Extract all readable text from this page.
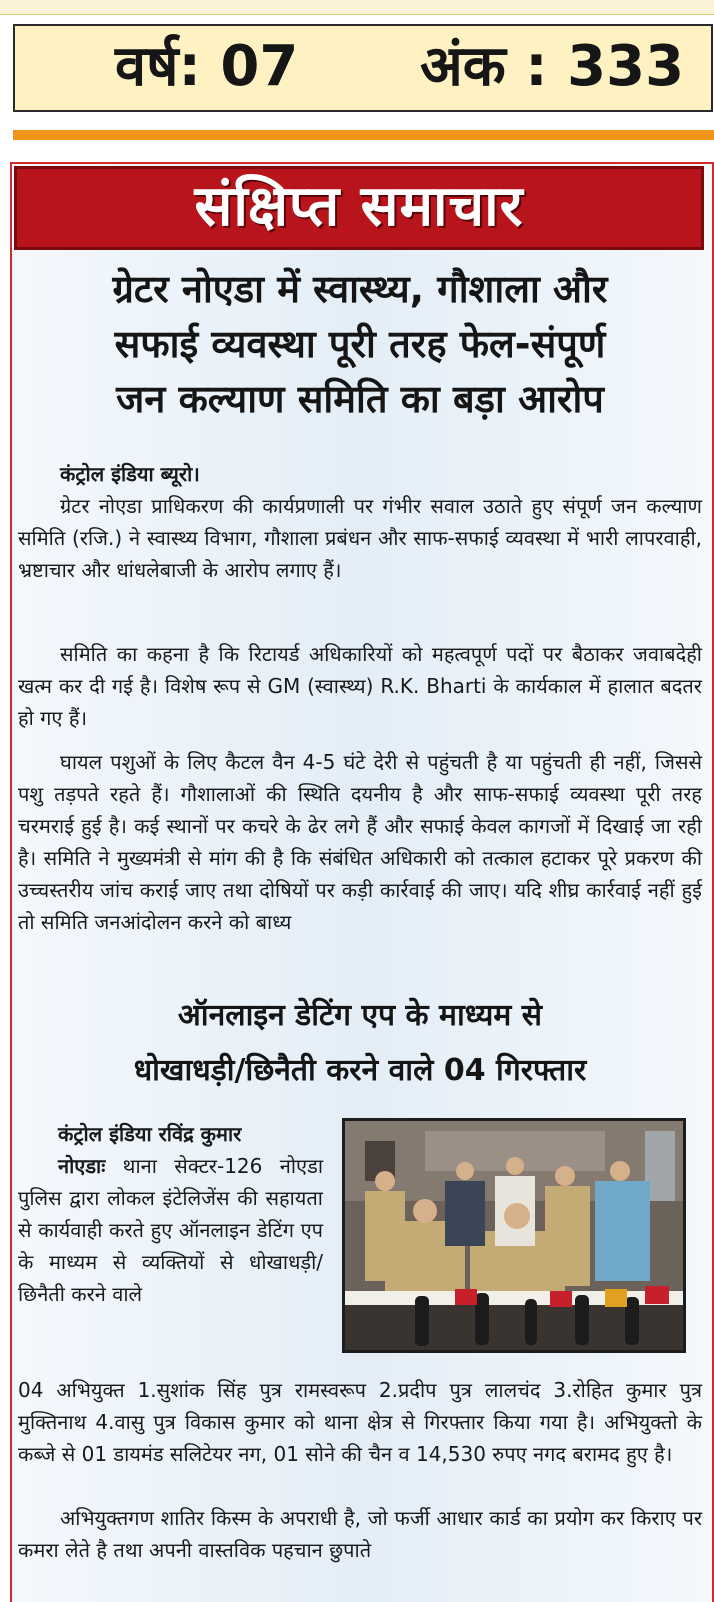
वर्ष: 07 अंक : 333
संक्षिप्त समाचार
ग्रेटर नोएडा में स्वास्थ्य, गौशाला और
सफाई व्यवस्था पूरी तरह फेल-संपूर्ण
जन कल्याण समिति का बड़ा आरोप
कंट्रोल इंडिया ब्यूरो।
ग्रेटर नोएडा प्राधिकरण की कार्यप्रणाली पर गंभीर सवाल उठाते हुए संपूर्ण जन कल्याण समिति (रजि.) ने स्वास्थ्य विभाग, गौशाला प्रबंधन और साफ-सफाई व्यवस्था में भारी लापरवाही, भ्रष्टाचार और धांधलेबाजी के आरोप लगाए हैं।
समिति का कहना है कि रिटायर्ड अधिकारियों को महत्वपूर्ण पदों पर बैठाकर जवाबदेही खत्म कर दी गई है। विशेष रूप से GM (स्वास्थ्य) R.K. Bharti के कार्यकाल में हालात बदतर हो गए हैं।
घायल पशुओं के लिए कैटल वैन 4-5 घंटे देरी से पहुंचती है या पहुंचती ही नहीं, जिससे पशु तड़पते रहते हैं। गौशालाओं की स्थिति दयनीय है और साफ-सफाई व्यवस्था पूरी तरह चरमराई हुई है। कई स्थानों पर कचरे के ढेर लगे हैं और सफाई केवल कागजों में दिखाई जा रही है। समिति ने मुख्यमंत्री से मांग की है कि संबंधित अधिकारी को तत्काल हटाकर पूरे प्रकरण की उच्चस्तरीय जांच कराई जाए तथा दोषियों पर कड़ी कार्रवाई की जाए। यदि शीघ्र कार्रवाई नहीं हुई तो समिति जनआंदोलन करने को बाध्य
ऑनलाइन डेटिंग एप के माध्यम से
धोखाधड़ी/छिनैती करने वाले 04 गिरफ्तार
कंट्रोल इंडिया रविंद्र कुमार
नोएडाः थाना सेक्टर-126 नोएडा पुलिस द्वारा लोकल इंटेलिजेंस की सहायता से कार्यवाही करते हुए ऑनलाइन डेटिंग एप के माध्यम से व्यक्तियों से धोखाधड़ी/छिनैती करने वाले
04 अभियुक्त 1.सुशांक सिंह पुत्र रामस्वरूप 2.प्रदीप पुत्र लालचंद 3.रोहित कुमार पुत्र मुक्तिनाथ 4.वासु पुत्र विकास कुमार को थाना क्षेत्र से गिरफ्तार किया गया है। अभियुक्तो के कब्जे से 01 डायमंड सलिटेयर नग, 01 सोने की चैन व 14,530 रुपए नगद बरामद हुए है।
अभियुक्तगण शातिर किस्म के अपराधी है, जो फर्जी आधार कार्ड का प्रयोग कर किराए पर कमरा लेते है तथा अपनी वास्तविक पहचान छुपाते
